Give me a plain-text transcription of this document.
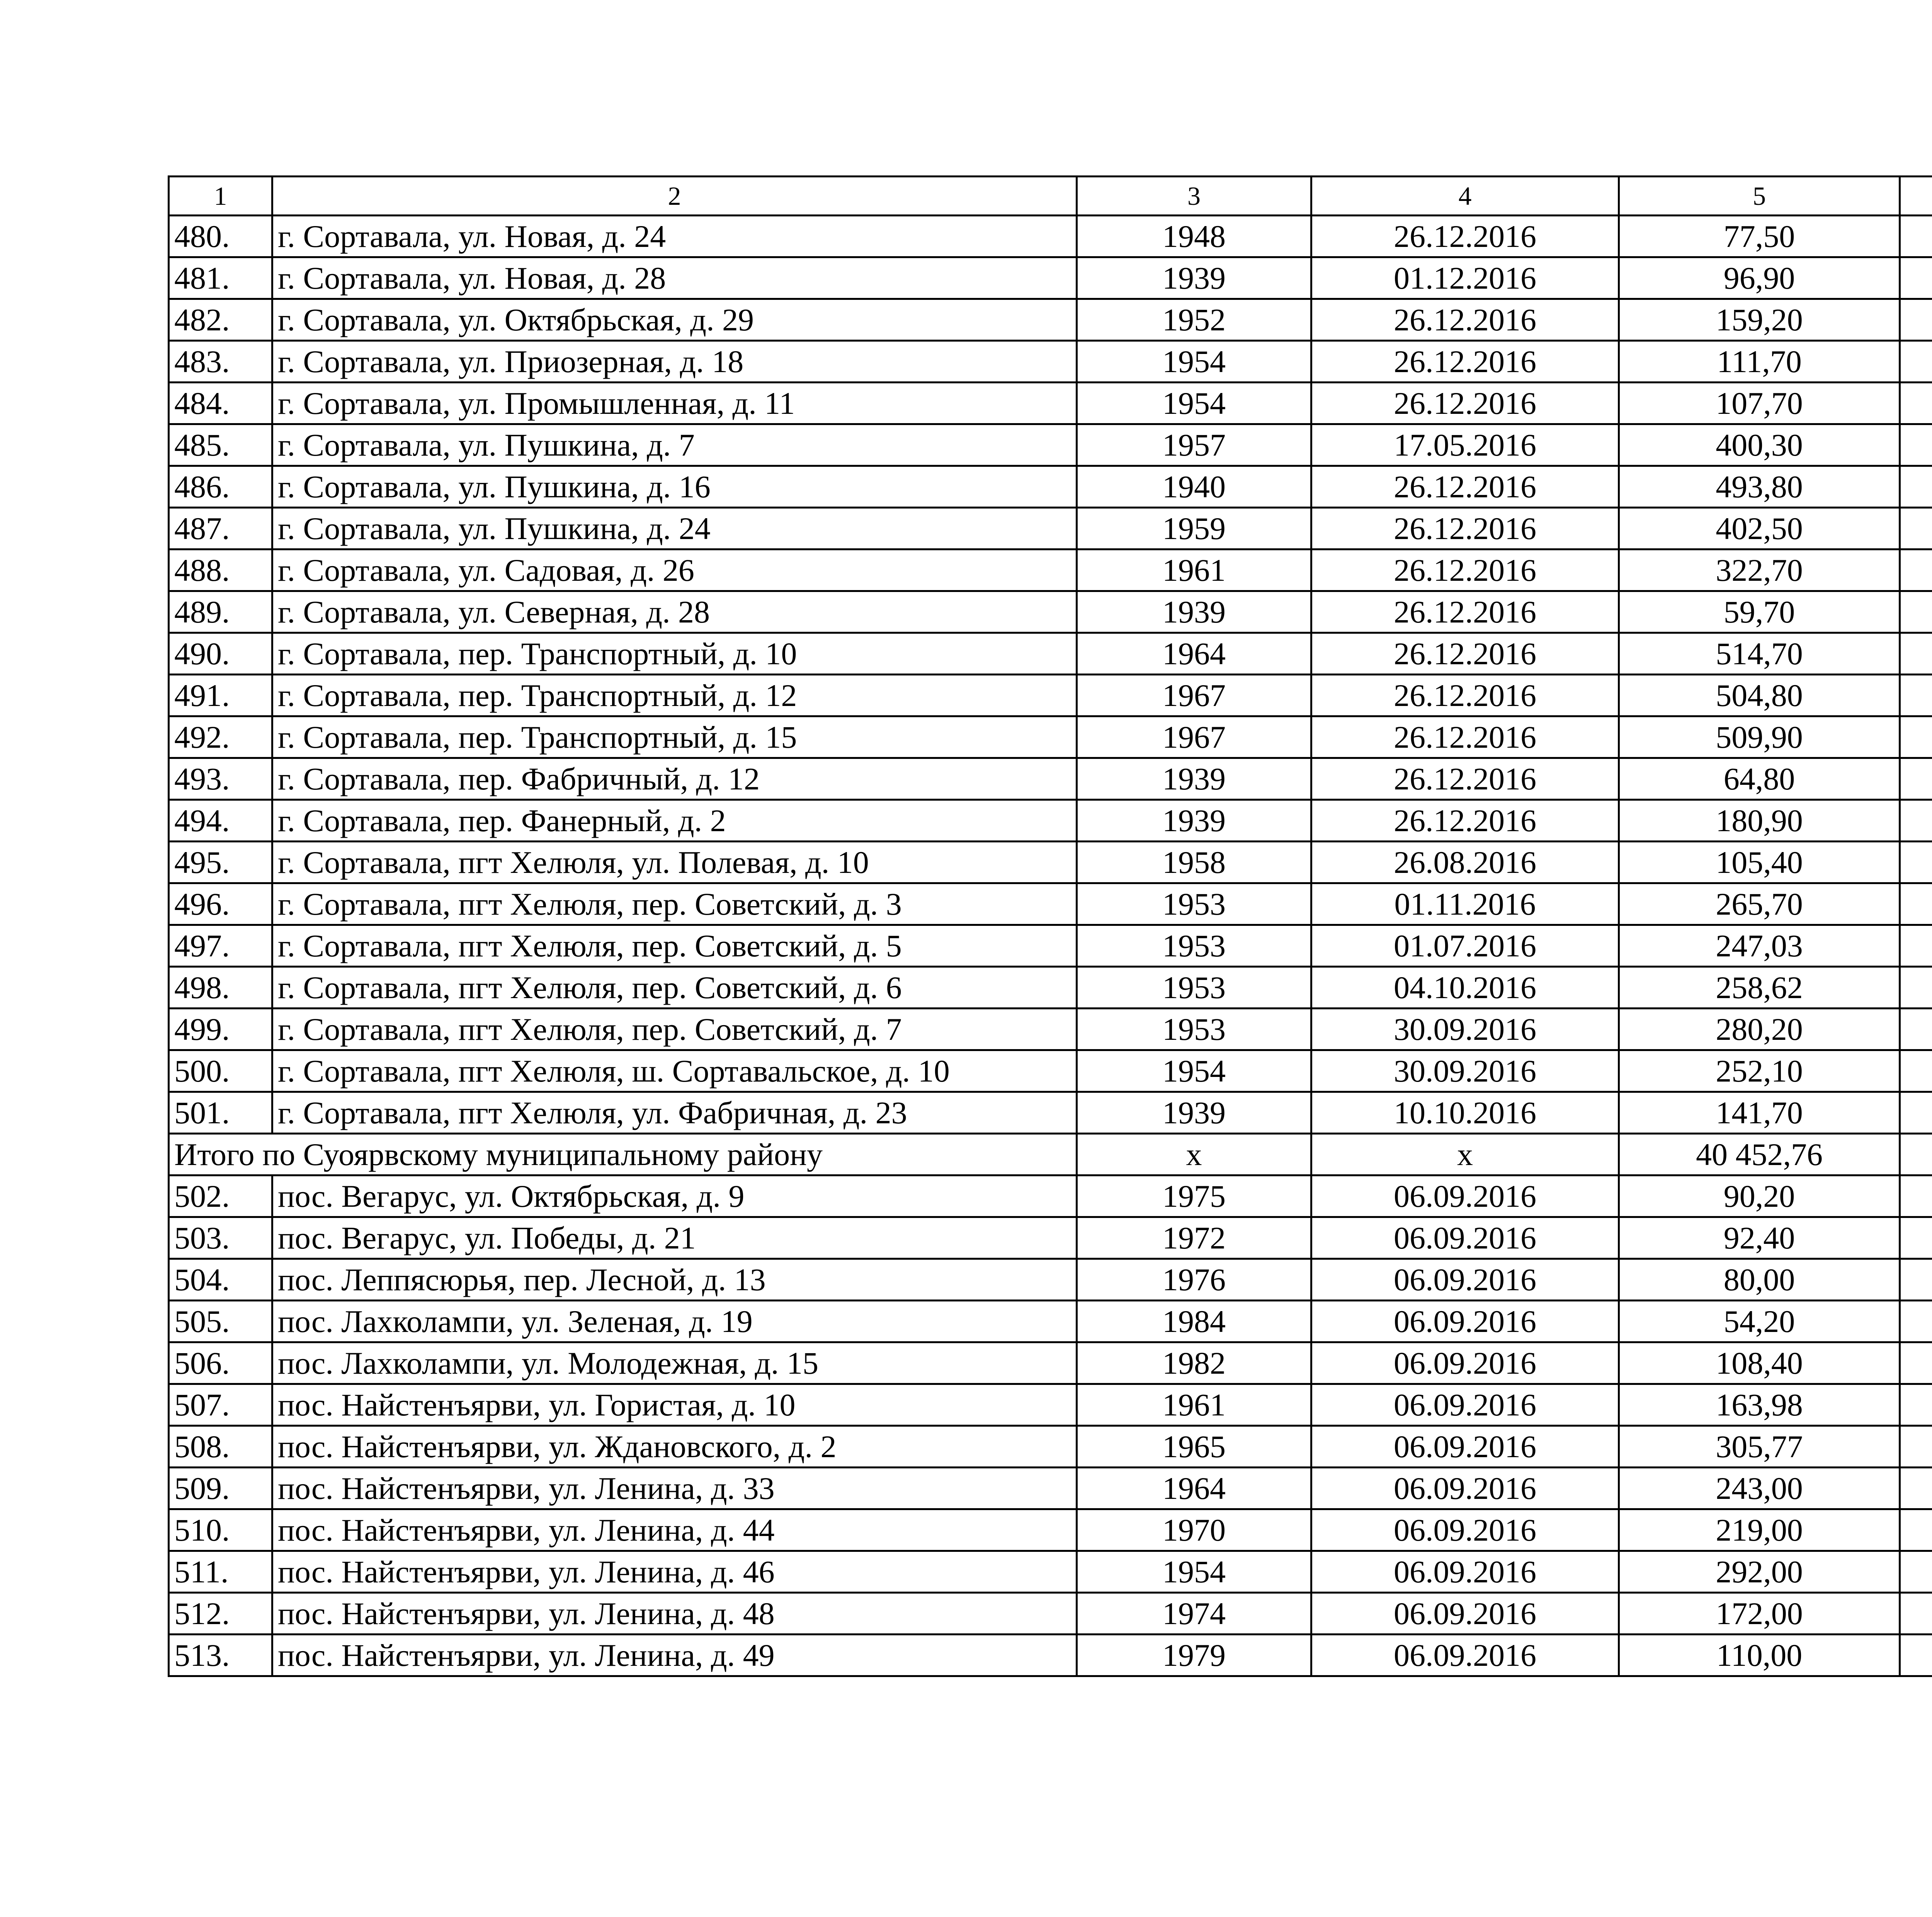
1	2	3	4	5		
480.	г. Сортавала, ул. Новая, д. 24	1948	26.12.2016	77,50		
481.	г. Сортавала, ул. Новая, д. 28	1939	01.12.2016	96,90		
482.	г. Сортавала, ул. Октябрьская, д. 29	1952	26.12.2016	159,20		
483.	г. Сортавала, ул. Приозерная, д. 18	1954	26.12.2016	111,70		
484.	г. Сортавала, ул. Промышленная, д. 11	1954	26.12.2016	107,70		
485.	г. Сортавала, ул. Пушкина, д. 7	1957	17.05.2016	400,30		
486.	г. Сортавала, ул. Пушкина, д. 16	1940	26.12.2016	493,80		
487.	г. Сортавала, ул. Пушкина, д. 24	1959	26.12.2016	402,50		
488.	г. Сортавала, ул. Садовая, д. 26	1961	26.12.2016	322,70		
489.	г. Сортавала, ул. Северная, д. 28	1939	26.12.2016	59,70		
490.	г. Сортавала, пер. Транспортный, д. 10	1964	26.12.2016	514,70		
491.	г. Сортавала, пер. Транспортный, д. 12	1967	26.12.2016	504,80		
492.	г. Сортавала, пер. Транспортный, д. 15	1967	26.12.2016	509,90		
493.	г. Сортавала, пер. Фабричный, д. 12	1939	26.12.2016	64,80		
494.	г. Сортавала, пер. Фанерный, д. 2	1939	26.12.2016	180,90		
495.	г. Сортавала, пгт Хелюля, ул. Полевая, д. 10	1958	26.08.2016	105,40		
496.	г. Сортавала, пгт Хелюля, пер. Советский, д. 3	1953	01.11.2016	265,70		
497.	г. Сортавала, пгт Хелюля, пер. Советский, д. 5	1953	01.07.2016	247,03		
498.	г. Сортавала, пгт Хелюля, пер. Советский, д. 6	1953	04.10.2016	258,62		
499.	г. Сортавала, пгт Хелюля, пер. Советский, д. 7	1953	30.09.2016	280,20		
500.	г. Сортавала, пгт Хелюля, ш. Сортавальское, д. 10	1954	30.09.2016	252,10		
501.	г. Сортавала, пгт Хелюля, ул. Фабричная, д. 23	1939	10.10.2016	141,70		
Итого по Суоярвскому муниципальному району		x	x	40 452,76		
502.	пос. Вегарус, ул. Октябрьская, д. 9	1975	06.09.2016	90,20		
503.	пос. Вегарус, ул. Победы, д. 21	1972	06.09.2016	92,40		
504.	пос. Леппясюрья, пер. Лесной, д. 13	1976	06.09.2016	80,00		
505.	пос. Лахколампи, ул. Зеленая, д. 19	1984	06.09.2016	54,20		
506.	пос. Лахколампи, ул. Молодежная, д. 15	1982	06.09.2016	108,40		
507.	пос. Найстенъярви, ул. Гористая, д. 10	1961	06.09.2016	163,98		
508.	пос. Найстенъярви, ул. Ждановского, д. 2	1965	06.09.2016	305,77		
509.	пос. Найстенъярви, ул. Ленина, д. 33	1964	06.09.2016	243,00		
510.	пос. Найстенъярви, ул. Ленина, д. 44	1970	06.09.2016	219,00		
511.	пос. Найстенъярви, ул. Ленина, д. 46	1954	06.09.2016	292,00		
512.	пос. Найстенъярви, ул. Ленина, д. 48	1974	06.09.2016	172,00		
513.	пос. Найстенъярви, ул. Ленина, д. 49	1979	06.09.2016	110,00		
